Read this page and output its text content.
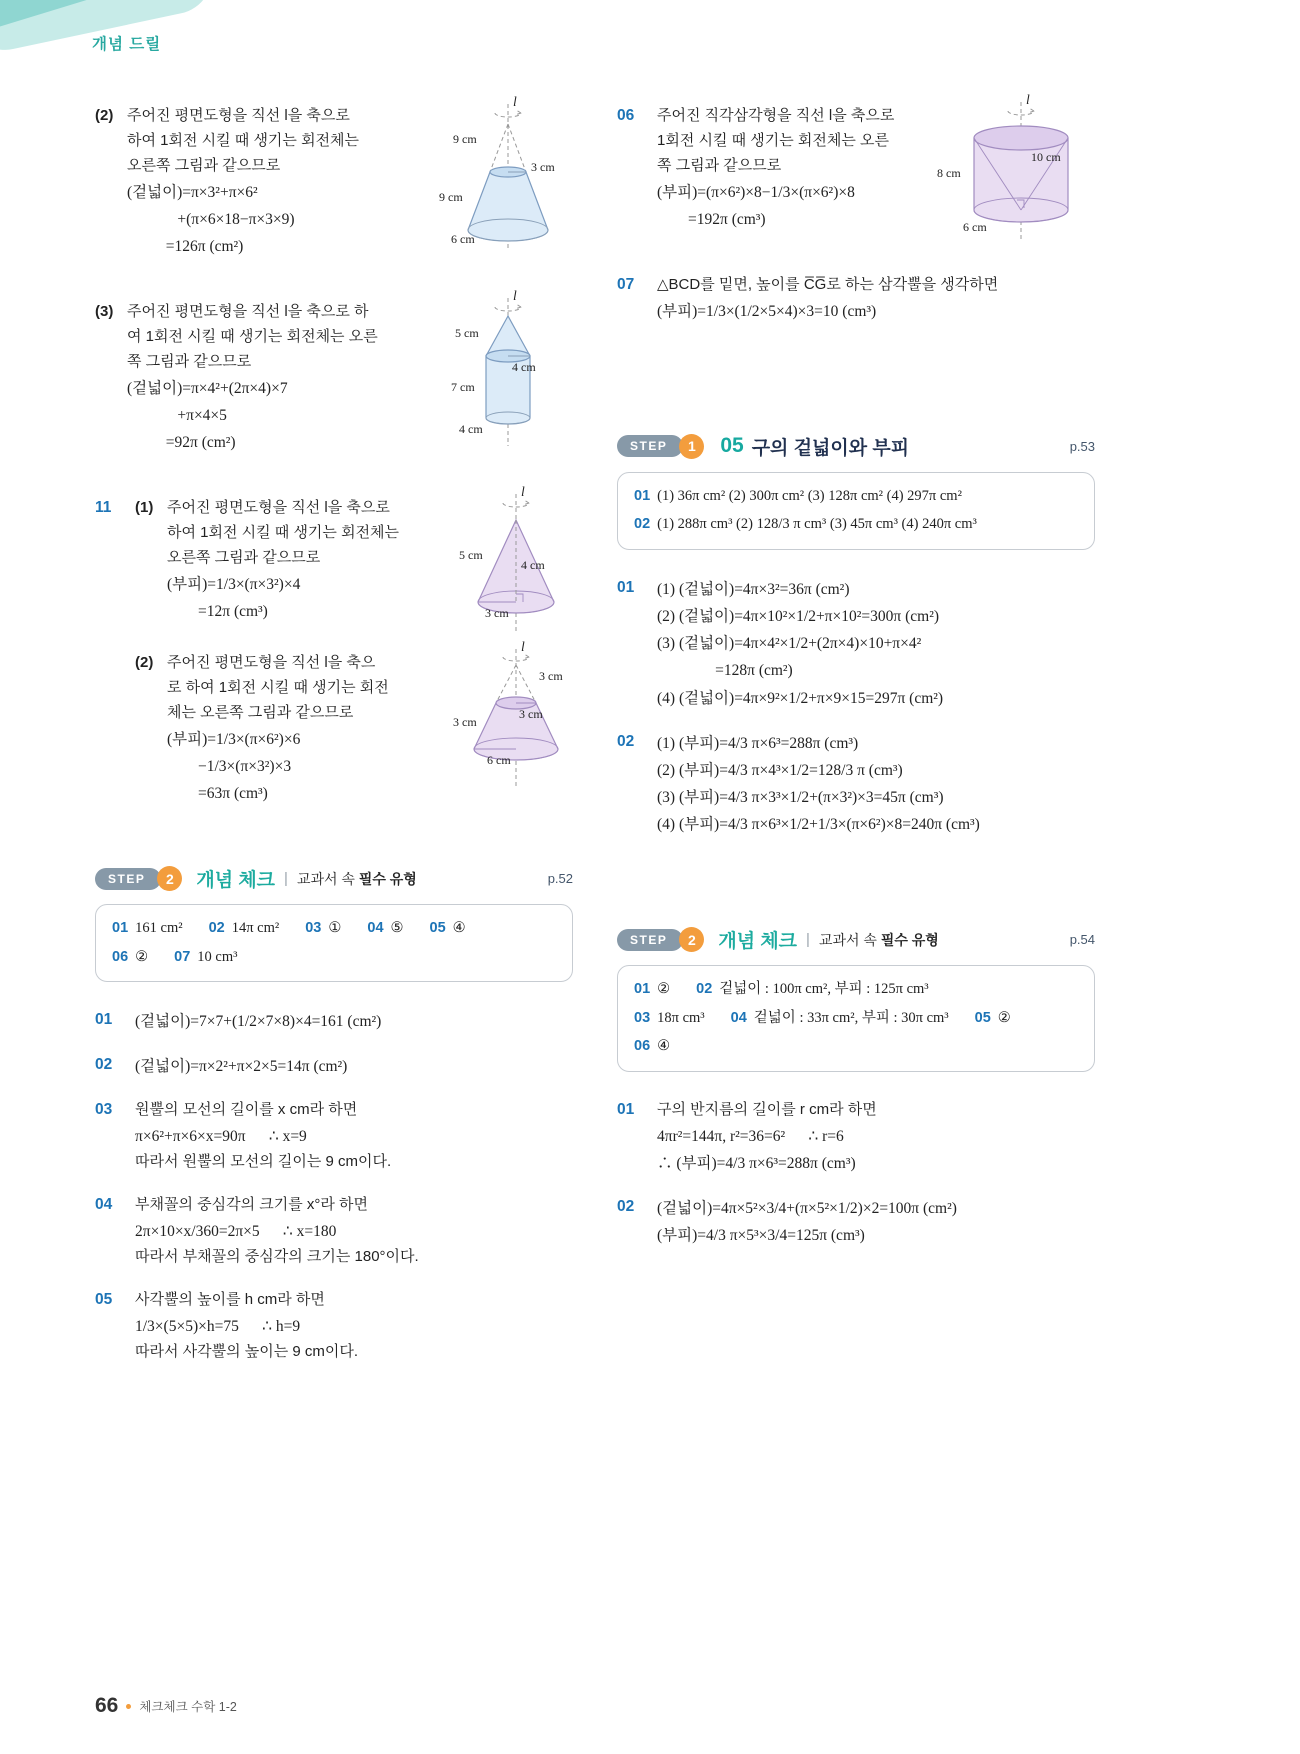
개념 드릴
(2) 주어진 평면도형을 직선 l을 축으로
하여 1회전 시킬 때 생기는 회전체는
오른쪽 그림과 같으므로
(겉넓이)=π×3²+π×6²
+(π×6×18−π×3×9)
=126π (cm²)
l
9 cm
9 cm
3 cm
6 cm
(3) 주어진 평면도형을 직선 l을 축으로 하
여 1회전 시킬 때 생기는 회전체는 오른
쪽 그림과 같으므로
(겉넓이)=π×4²+(2π×4)×7
+π×4×5
=92π (cm²)
l
5 cm
7 cm
4 cm
4 cm
11	(1) 주어진 평면도형을 직선 l을 축으로
하여 1회전 시킬 때 생기는 회전체는
오른쪽 그림과 같으므로
(부피)=1/3×(π×3²)×4
=12π (cm³)
l
5 cm
4 cm
3 cm
(2) 주어진 평면도형을 직선 l을 축으
로 하여 1회전 시킬 때 생기는 회전
체는 오른쪽 그림과 같으므로
(부피)=1/3×(π×6²)×6
−1/3×(π×3²)×3
=63π (cm³)
l
3 cm
3 cm
3 cm
6 cm
STEP	2	개념 체크 | 교과서 속 필수 유형	p.52
01 161 cm² 02 14π cm² 03 ① 04 ⑤ 05 ④
06 ② 07 10 cm³
01	(겉넓이)=7×7+(1/2×7×8)×4=161 (cm²)
02	(겉넓이)=π×2²+π×2×5=14π (cm²)
03	원뿔의 모선의 길이를 x cm라 하면
π×6²+π×6×x=90π      ∴ x=9
따라서 원뿔의 모선의 길이는 9 cm이다.
04	부채꼴의 중심각의 크기를 x°라 하면
2π×10×x/360=2π×5      ∴ x=180
따라서 부채꼴의 중심각의 크기는 180°이다.
05	사각뿔의 높이를 h cm라 하면
1/3×(5×5)×h=75      ∴ h=9
따라서 사각뿔의 높이는 9 cm이다.
06	주어진 직각삼각형을 직선 l을 축으로
1회전 시킬 때 생기는 회전체는 오른
쪽 그림과 같으므로
(부피)=(π×6²)×8−1/3×(π×6²)×8
=192π (cm³)
l
8 cm
10 cm
6 cm
07	△BCD를 밑면, 높이를 C̅G̅로 하는 삼각뿔을 생각하면
(부피)=1/3×(1/2×5×4)×3=10 (cm³)
STEP	1	05 구의 겉넓이와 부피	p.53
01 (1) 36π cm² (2) 300π cm² (3) 128π cm² (4) 297π cm²
02 (1) 288π cm³ (2) 128/3 π cm³ (3) 45π cm³ (4) 240π cm³
01	(1) (겉넓이)=4π×3²=36π (cm²)
(2) (겉넓이)=4π×10²×1/2+π×10²=300π (cm²)
(3) (겉넓이)=4π×4²×1/2+(2π×4)×10+π×4²
=128π (cm²)
(4) (겉넓이)=4π×9²×1/2+π×9×15=297π (cm²)
02	(1) (부피)=4/3 π×6³=288π (cm³)
(2) (부피)=4/3 π×4³×1/2=128/3 π (cm³)
(3) (부피)=4/3 π×3³×1/2+(π×3²)×3=45π (cm³)
(4) (부피)=4/3 π×6³×1/2+1/3×(π×6²)×8=240π (cm³)
STEP	2	개념 체크 | 교과서 속 필수 유형	p.54
01 ② 02 겉넓이 : 100π cm², 부피 : 125π cm³
03 18π cm³ 04 겉넓이 : 33π cm², 부피 : 30π cm³ 05 ②
06 ④
01	구의 반지름의 길이를 r cm라 하면
4πr²=144π, r²=36=6²      ∴ r=6
∴ (부피)=4/3 π×6³=288π (cm³)
02	(겉넓이)=4π×5²×3/4+(π×5²×1/2)×2=100π (cm²)
(부피)=4/3 π×5³×3/4=125π (cm³)
66 체크체크 수학 1-2
